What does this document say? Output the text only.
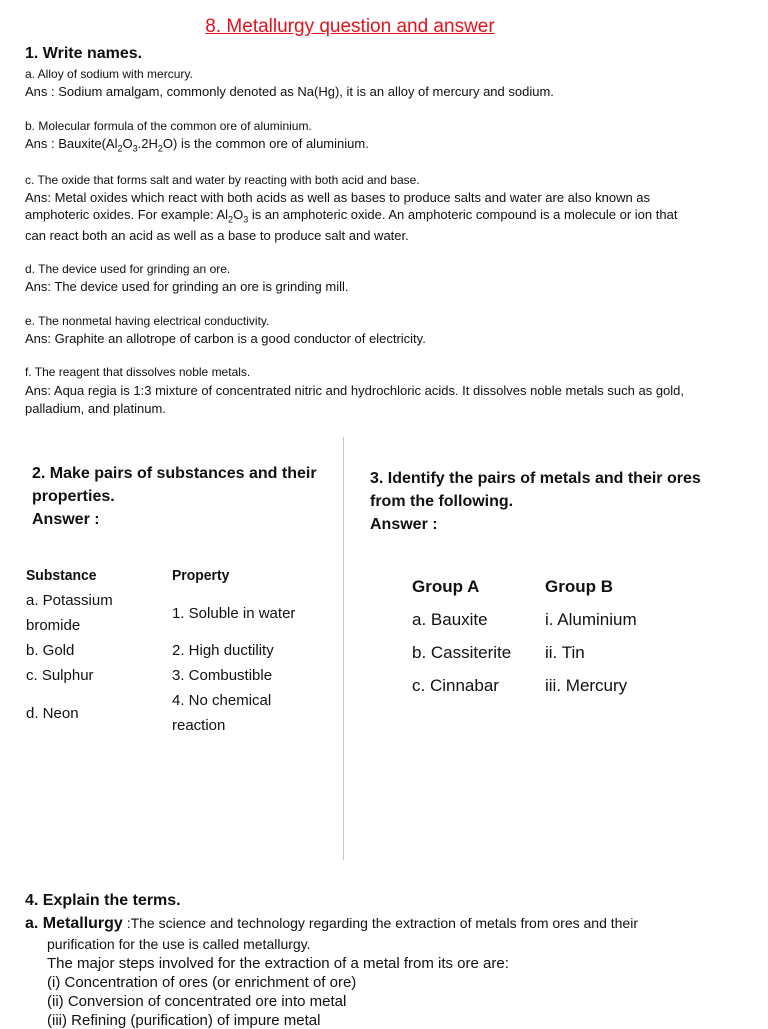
8. Metallurgy question and answer
1. Write names.
a. Alloy of sodium with mercury.
Ans : Sodium amalgam, commonly denoted as Na(Hg), it is an alloy of mercury and sodium.
b. Molecular formula of the common ore of aluminium.
Ans : $Bauxite(Al_2O_3.2H_2O)$ is the common ore of aluminium.
c. The oxide that forms salt and water by reacting with both acid and base.
Ans: Metal oxides which react with both acids as well as bases to produce salts and water are also known as
amphoteric oxides. For example: $Al_2O_3$ is an amphoteric oxide. An amphoteric compound is a molecule or ion that
can react both an acid as well as a base to produce salt and water.
d. The device used for grinding an ore.
Ans: The device used for grinding an ore is grinding mill.
e. The nonmetal having electrical conductivity.
Ans: Graphite an allotrope of carbon is a good conductor of electricity.
f. The reagent that dissolves noble metals.
Ans: Aqua regia is 1:3 mixture of concentrated nitric and hydrochloric acids. It dissolves noble metals such as gold,
palladium, and platinum.
2. Make pairs of substances and their
properties.
Answer :
Substance
a. Potassium
bromide
b. Gold
c. Sulphur
d. Neon
Property
1. Soluble in water
2. High ductility
3. Combustible
4. No chemical
reaction
3. Identify the pairs of metals and their ores
from the following.
Answer :
Group A
a. Bauxite
b. Cassiterite
c. Cinnabar
Group B
i. Aluminium
ii. Tin
iii. Mercury
4. Explain the terms.
a. Metallurgy :The science and technology regarding the extraction of metals from ores and their
purification for the use is called metallurgy.
The major steps involved for the extraction of a metal from its ore are:
(i) Concentration of ores (or enrichment of ore)
(ii) Conversion of concentrated ore into metal
(iii) Refining (purification) of impure metal
